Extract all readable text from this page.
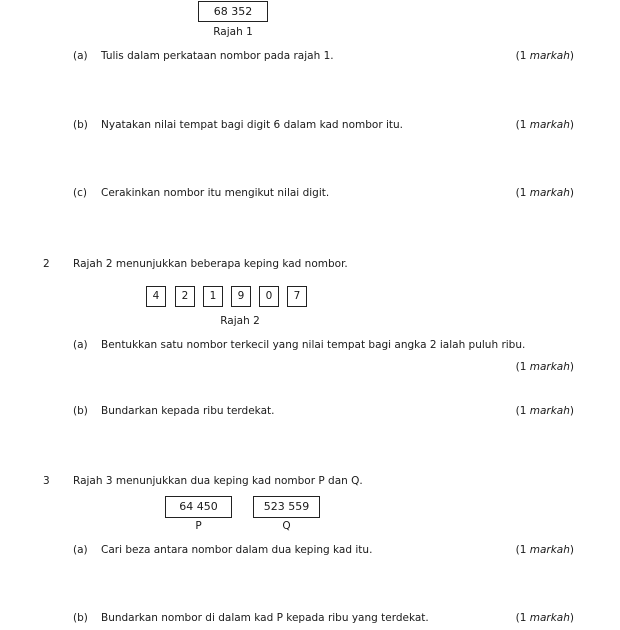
68 352
Rajah 1
(a) Tulis dalam perkataan nombor pada rajah 1.	(1 markah)
(b) Nyatakan nilai tempat bagi digit 6 dalam kad nombor itu.	(1 markah)
(c) Cerakinkan nombor itu mengikut nilai digit.	(1 markah)
2 Rajah 2 menunjukkan beberapa keping kad nombor.
4	2	1	9	0	7
Rajah 2
(a) Bentukkan satu nombor terkecil yang nilai tempat bagi angka 2 ialah puluh ribu.
(1 markah)
(b) Bundarkan kepada ribu terdekat.	(1 markah)
3 Rajah 3 menunjukkan dua keping kad nombor P dan Q.
64 450
P
523 559
Q
(a) Cari beza antara nombor dalam dua keping kad itu.	(1 markah)
(b) Bundarkan nombor di dalam kad P kepada ribu yang terdekat.	(1 markah)
